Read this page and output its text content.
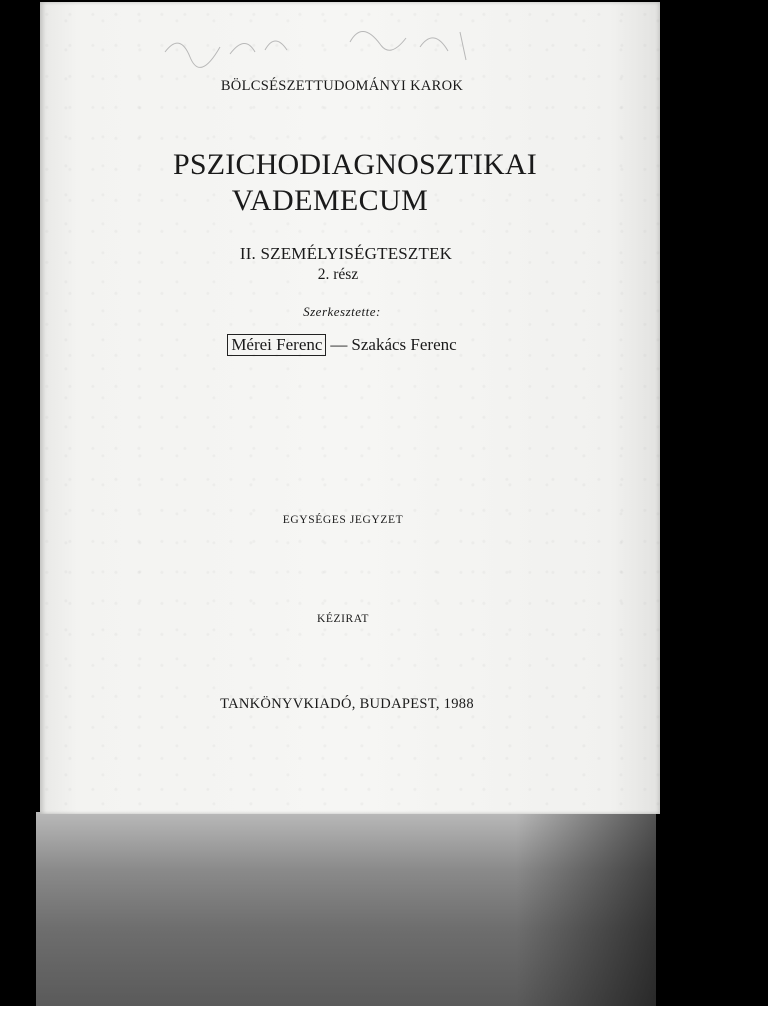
BÖLCSÉSZETTUDOMÁNYI KAROK
PSZICHODIAGNOSZTIKAI
VADEMECUM
II. SZEMÉLYISÉGTESZTEK
2. rész
Szerkesztette:
Mérei Ferenc — Szakács Ferenc
EGYSÉGES JEGYZET
KÉZIRAT
TANKÖNYVKIADÓ, BUDAPEST, 1988
